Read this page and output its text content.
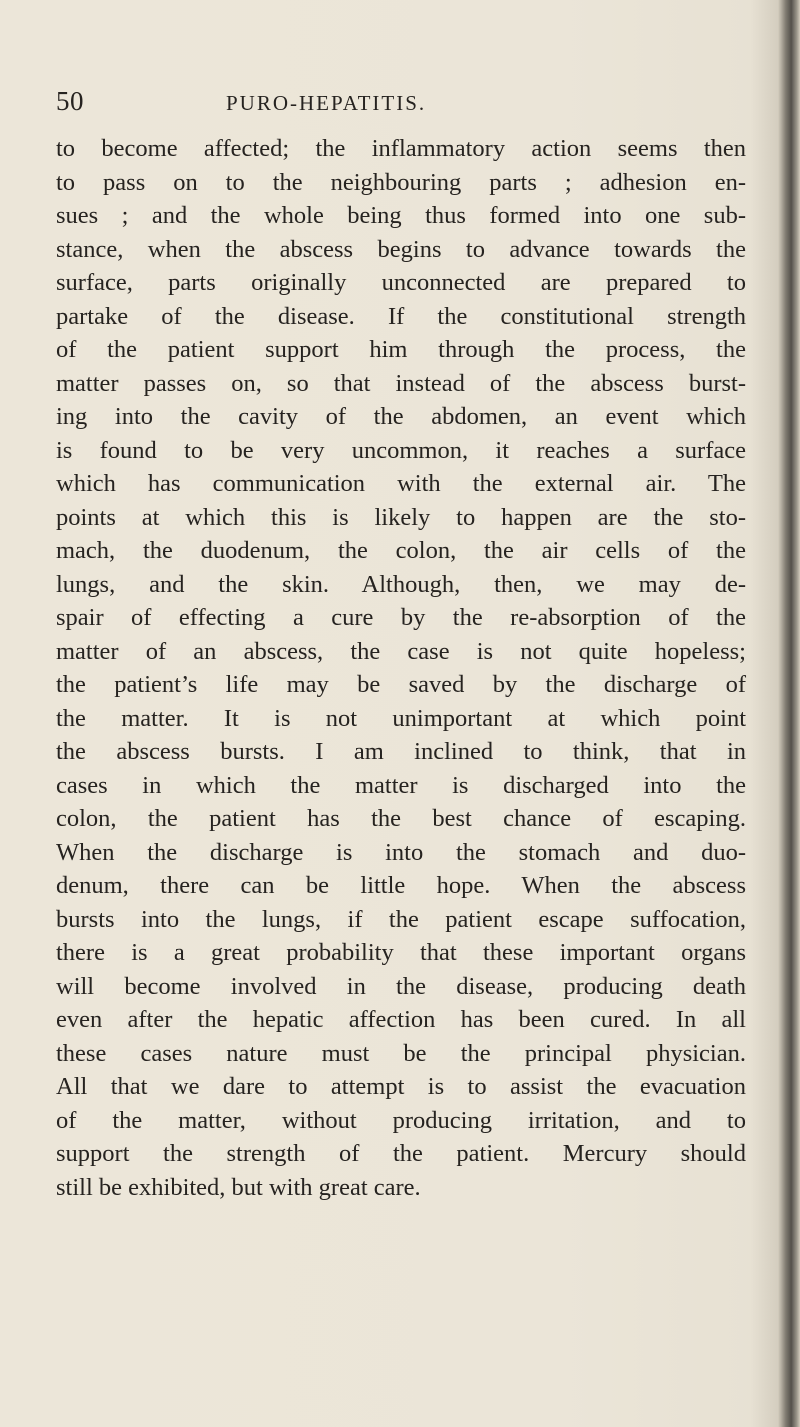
50	PURO-HEPATITIS.
to become affected; the inflammatory action seems then
to pass on to the neighbouring parts ; adhesion en-
sues ; and the whole being thus formed into one sub-
stance, when the abscess begins to advance towards the
surface, parts originally unconnected are prepared to
partake of the disease. If the constitutional strength
of the patient support him through the process, the
matter passes on, so that instead of the abscess burst-
ing into the cavity of the abdomen, an event which
is found to be very uncommon, it reaches a surface
which has communication with the external air. The
points at which this is likely to happen are the sto-
mach, the duodenum, the colon, the air cells of the
lungs, and the skin. Although, then, we may de-
spair of effecting a cure by the re-absorption of the
matter of an abscess, the case is not quite hopeless;
the patient’s life may be saved by the discharge of
the matter. It is not unimportant at which point
the abscess bursts. I am inclined to think, that in
cases in which the matter is discharged into the
colon, the patient has the best chance of escaping.
When the discharge is into the stomach and duo-
denum, there can be little hope. When the abscess
bursts into the lungs, if the patient escape suffocation,
there is a great probability that these important organs
will become involved in the disease, producing death
even after the hepatic affection has been cured. In all
these cases nature must be the principal physician.
All that we dare to attempt is to assist the evacuation
of the matter, without producing irritation, and to
support the strength of the patient. Mercury should
still be exhibited, but with great care.
